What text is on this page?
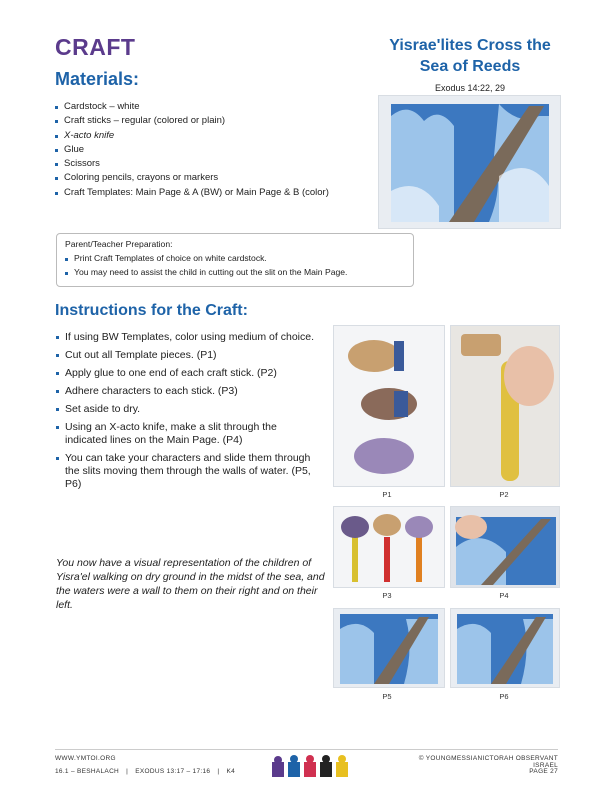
CRAFT	Yisrae'lites Cross the
Sea of Reeds
Exodus 14:22, 29
Materials:
Cardstock – white
Craft sticks – regular (colored or plain)
X-acto knife
Glue
Scissors
Coloring pencils, crayons or markers
Craft Templates: Main Page & A (BW) or Main Page & B (color)
Parent/Teacher Preparation:
Print Craft Templates of choice on white cardstock.
You may need to assist the child in cutting out the slit on the Main Page.
Instructions for the Craft:
If using BW Templates, color using medium of choice.
Cut out all Template pieces. (P1)
Apply glue to one end of each craft stick. (P2)
Adhere characters to each stick. (P3)
Set aside to dry.
Using an X-acto knife, make a slit through the indicated lines on the Main Page. (P4)
You can take your characters and slide them through the slits moving them through the walls of water. (P5, P6)
You now have a visual representation of the children of Yisra'el walking on dry ground in the midst of the sea, and the waters were a wall to them on their right and on their left.
P1	P2
P3	P4
P5	P6
WWW.YMTOI.ORG
16.1 – BESHALACH | EXODUS 13:17 – 17:16 | K4
© YOUNGMESSIANICTORAH OBSERVANT ISRAEL
PAGE 27
